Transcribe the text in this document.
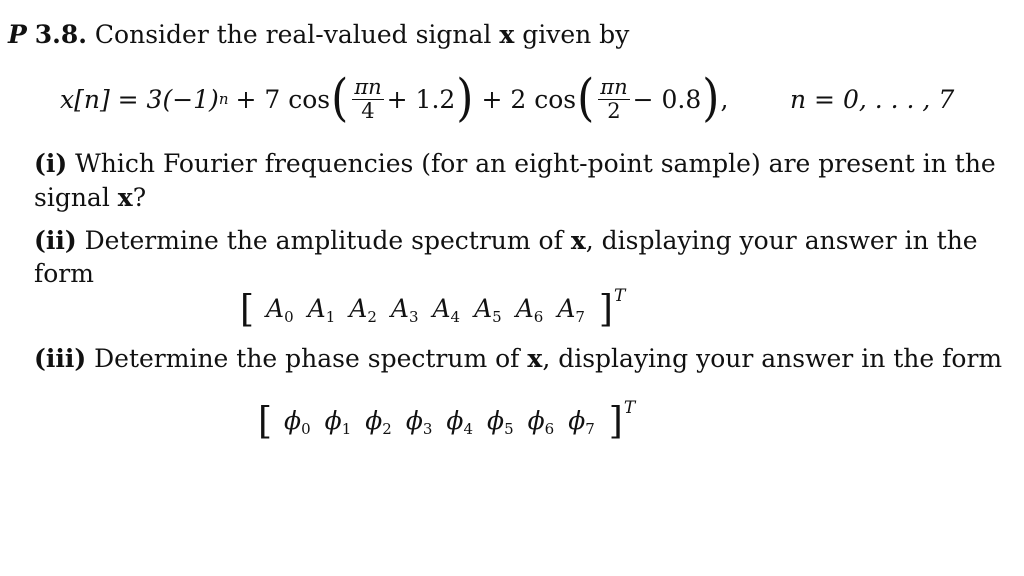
P 3.8. Consider the real-valued signal x given by
x[n] = 3(−1) n + 7 cos ( $\frac{\pi n}{4} + 1.2$ ) + 2 cos ( $\frac{\pi n}{2} - 0.8$ ) , n = 0, . . . , 7
(i) Which Fourier frequencies (for an eight-point sample) are present in the
signal x?
(ii) Determine the amplitude spectrum of x, displaying your answer in the
form
[ $A_0$ $A_1$ $A_2$ $A_3$ $A_4$ $A_5$ $A_6$ $A_7$ ] T
(iii) Determine the phase spectrum of x, displaying your answer in the form
[ $\phi_0$ $\phi_1$ $\phi_2$ $\phi_3$ $\phi_4$ $\phi_5$ $\phi_6$ $\phi_7$ ] T
